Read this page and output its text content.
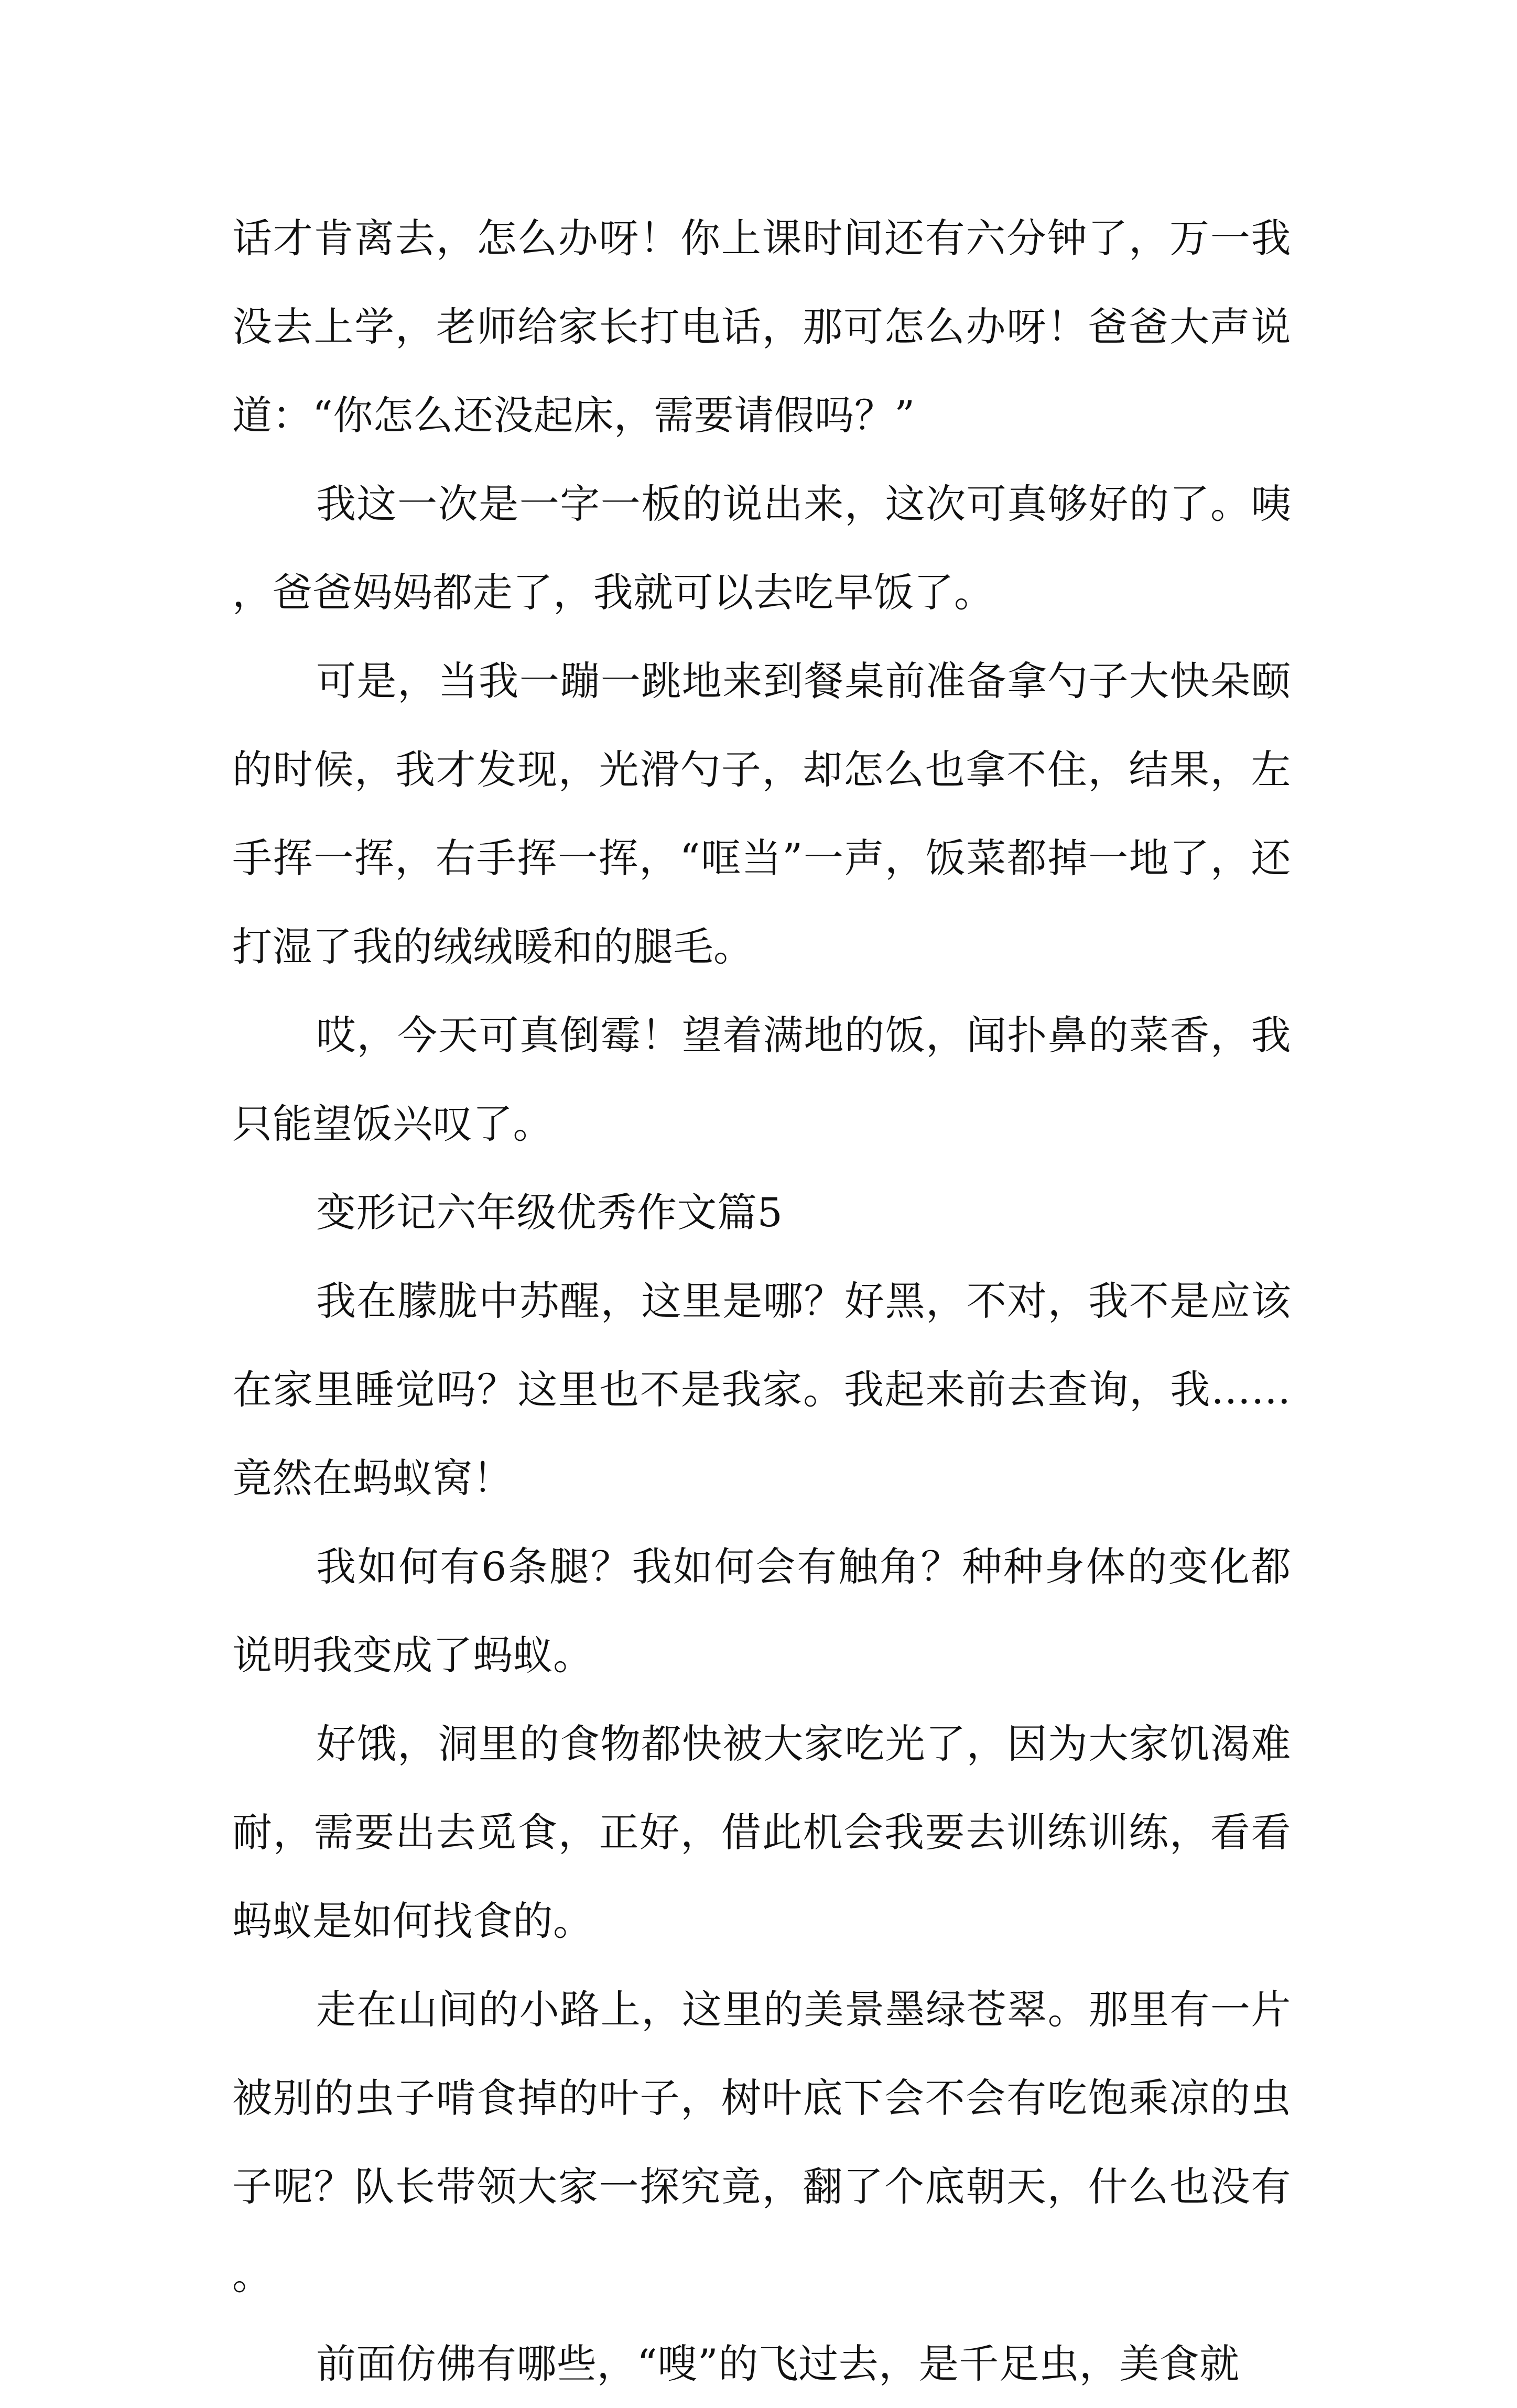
话才肯离去，怎么办呀！你上课时间还有六分钟了，万一我没去上学，老师给家长打电话，那可怎么办呀！爸爸大声说道：“你怎么还没起床，需要请假吗？”

我这一次是一字一板的说出来，这次可真够好的了。咦，爸爸妈妈都走了，我就可以去吃早饭了。

可是，当我一蹦一跳地来到餐桌前准备拿勺子大快朵颐的时候，我才发现，光滑勺子，却怎么也拿不住，结果，左手挥一挥，右手挥一挥，“哐当”一声，饭菜都掉一地了，还打湿了我的绒绒暖和的腿毛。

哎，今天可真倒霉！望着满地的饭，闻扑鼻的菜香，我只能望饭兴叹了。

变形记六年级优秀作文篇5

我在朦胧中苏醒，这里是哪？好黑，不对，我不是应该在家里睡觉吗？这里也不是我家。我起来前去查询，我……竟然在蚂蚁窝！

我如何有6条腿？我如何会有触角？种种身体的变化都说明我变成了蚂蚁。

好饿，洞里的食物都快被大家吃光了，因为大家饥渴难耐，需要出去觅食，正好，借此机会我要去训练训练，看看蚂蚁是如何找食的。

走在山间的小路上，这里的美景墨绿苍翠。那里有一片被别的虫子啃食掉的叶子，树叶底下会不会有吃饱乘凉的虫子呢？队长带领大家一探究竟，翻了个底朝天，什么也没有。

前面仿佛有哪些，“嗖”的飞过去，是千足虫，美食就
